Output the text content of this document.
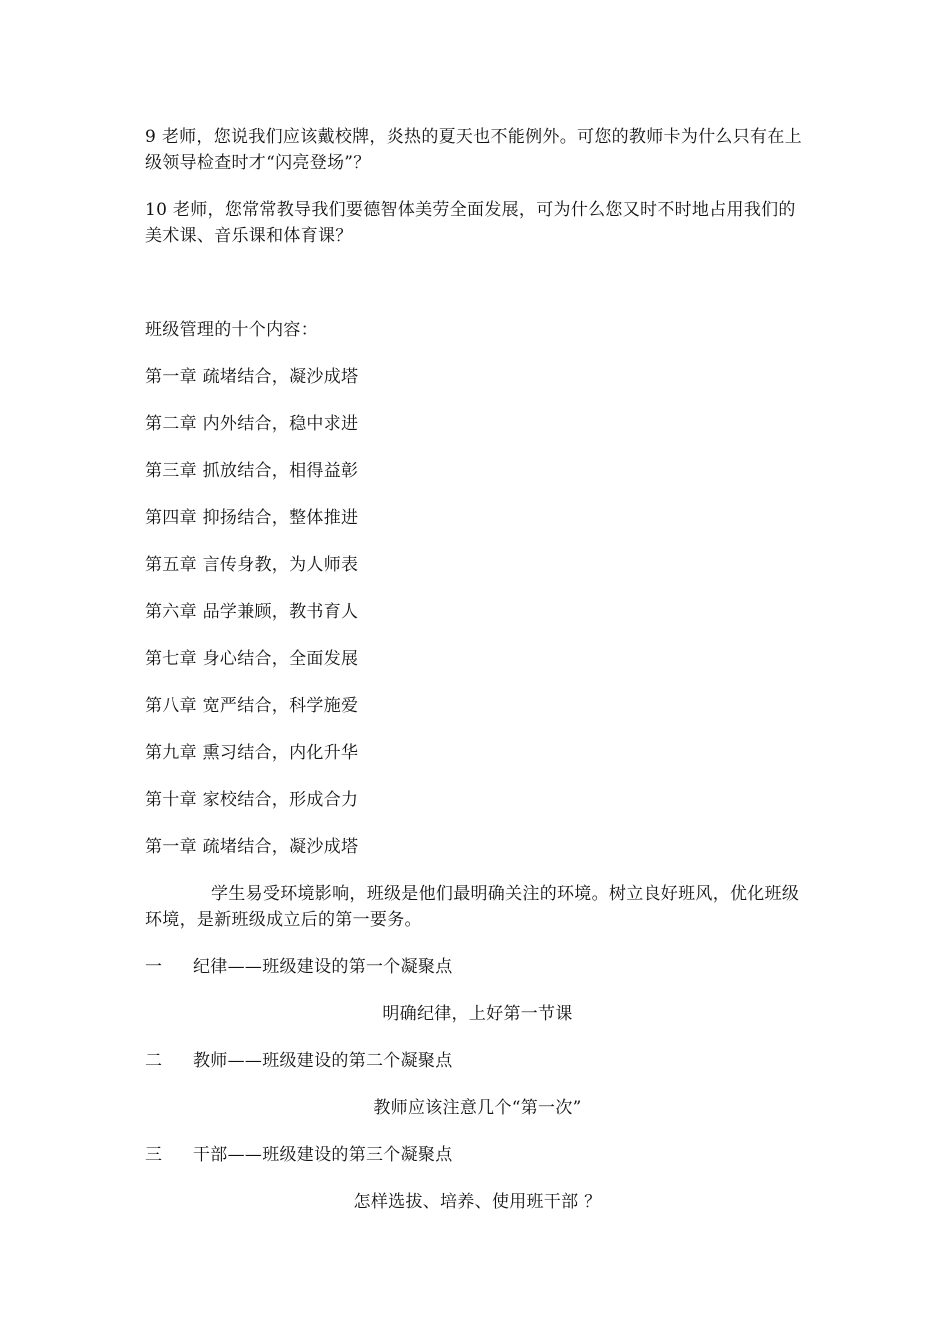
9 老师，您说我们应该戴校牌，炎热的夏天也不能例外。可您的教师卡为什么只有在上级领导检查时才“闪亮登场”？
10 老师，您常常教导我们要德智体美劳全面发展，可为什么您又时不时地占用我们的美术课、音乐课和体育课？
班级管理的十个内容：
第一章 疏堵结合，凝沙成塔
第二章 内外结合，稳中求进
第三章 抓放结合，相得益彰
第四章 抑扬结合，整体推进
第五章 言传身教，为人师表
第六章 品学兼顾，教书育人
第七章 身心结合，全面发展
第八章 宽严结合，科学施爱
第九章 熏习结合，内化升华
第十章 家校结合，形成合力
第一章 疏堵结合，凝沙成塔
学生易受环境影响，班级是他们最明确关注的环境。树立良好班风，优化班级环境，是新班级成立后的第一要务。
一 纪律——班级建设的第一个凝聚点
明确纪律，上好第一节课
二 教师——班级建设的第二个凝聚点
教师应该注意几个“第一次”
三 干部——班级建设的第三个凝聚点
怎样选拔、培养、使用班干部 ？
